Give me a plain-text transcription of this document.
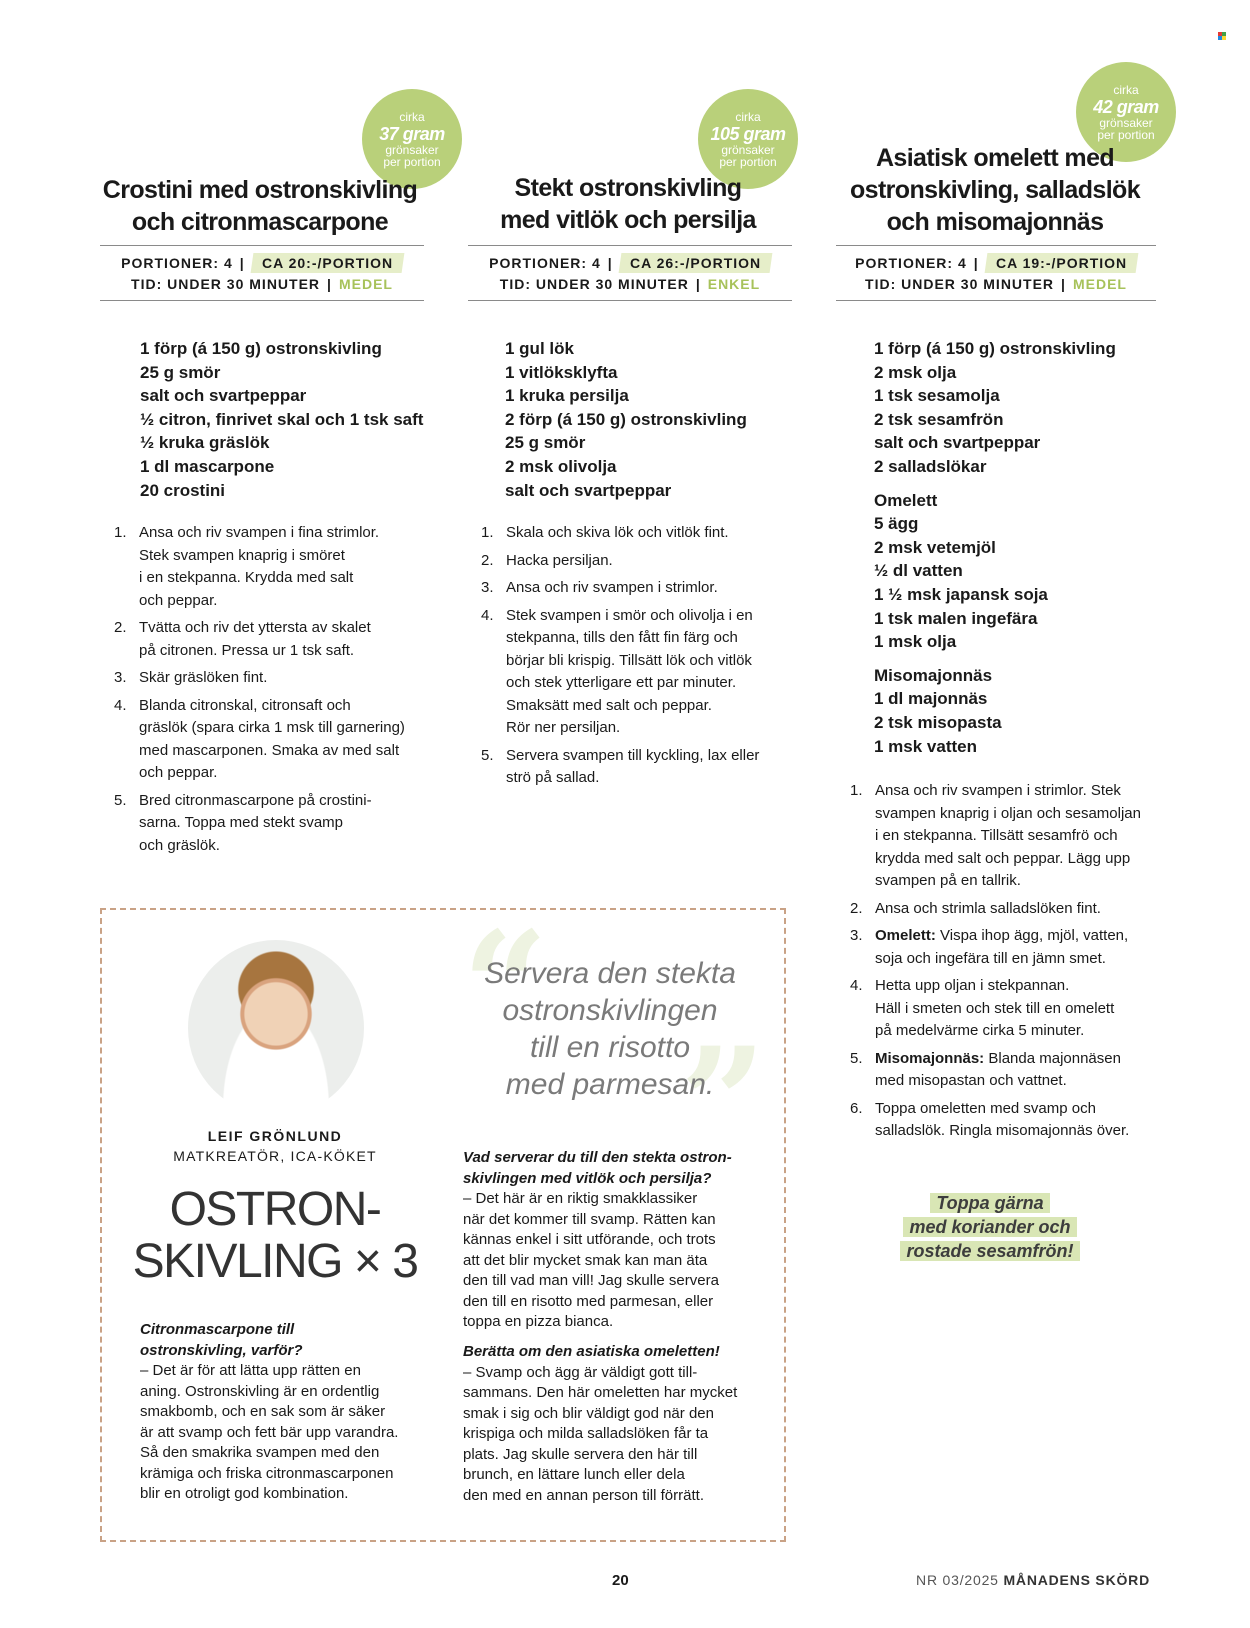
cirka
37 gram
grönsaker
per portion
Crostini med ostronskivling
och citronmascarpone
PORTIONER: 4 | CA 20:-/PORTION
TID: UNDER 30 MINUTER | MEDEL
1 förp (á 150 g) ostronskivling
25 g smör
salt och svartpeppar
½ citron, finrivet skal och 1 tsk saft
½ kruka gräslök
1 dl mascarpone
20 crostini
1. Ansa och riv svampen i fina strimlor.
Stek svampen knaprig i smöret
i en stekpanna. Krydda med salt
och peppar.
2. Tvätta och riv det yttersta av skalet
på citronen. Pressa ur 1 tsk saft.
3. Skär gräslöken fint.
4. Blanda citronskal, citronsaft och
gräslök (spara cirka 1 msk till garnering)
med mascarponen. Smaka av med salt
och peppar.
5. Bred citronmascarpone på crostini-
sarna. Toppa med stekt svamp
och gräslök.
cirka
105 gram
grönsaker
per portion
Stekt ostronskivling
med vitlök och persilja
PORTIONER: 4 | CA 26:-/PORTION
TID: UNDER 30 MINUTER | ENKEL
1 gul lök
1 vitlöksklyfta
1 kruka persilja
2 förp (á 150 g) ostronskivling
25 g smör
2 msk olivolja
salt och svartpeppar
1. Skala och skiva lök och vitlök fint.
2. Hacka persiljan.
3. Ansa och riv svampen i strimlor.
4. Stek svampen i smör och olivolja i en
stekpanna, tills den fått fin färg och
börjar bli krispig. Tillsätt lök och vitlök
och stek ytterligare ett par minuter.
Smaksätt med salt och peppar.
Rör ner persiljan.
5. Servera svampen till kyckling, lax eller
strö på sallad.
cirka
42 gram
grönsaker
per portion
Asiatisk omelett med
ostronskivling, salladslök
och misomajonnäs
PORTIONER: 4 | CA 19:-/PORTION
TID: UNDER 30 MINUTER | MEDEL
1 förp (á 150 g) ostronskivling
2 msk olja
1 tsk sesamolja
2 tsk sesamfrön
salt och svartpeppar
2 salladslökar
Omelett
5 ägg
2 msk vetemjöl
½ dl vatten
1 ½ msk japansk soja
1 tsk malen ingefära
1 msk olja
Misomajonnäs
1 dl majonnäs
2 tsk misopasta
1 msk vatten
1. Ansa och riv svampen i strimlor. Stek
svampen knaprig i oljan och sesamoljan
i en stekpanna. Tillsätt sesamfrö och
krydda med salt och peppar. Lägg upp
svampen på en tallrik.
2. Ansa och strimla salladslöken fint.
3. Omelett: Vispa ihop ägg, mjöl, vatten,
soja och ingefära till en jämn smet.
4. Hetta upp oljan i stekpannan.
Häll i smeten och stek till en omelett
på medelvärme cirka 5 minuter.
5. Misomajonnäs: Blanda majonnäsen
med misopastan och vattnet.
6. Toppa omeletten med svamp och
salladslök. Ringla misomajonnäs över.
Toppa gärna
med koriander och
rostade sesamfrön!
LEIF GRÖNLUND
MATKREATÖR, ICA-KÖKET
OSTRON-
SKIVLING × 3
“
”
Servera den stekta
ostronskivlingen
till en risotto
med parmesan.
Citronmascarpone till
ostronskivling, varför?
– Det är för att lätta upp rätten en
aning. Ostronskivling är en ordentlig
smakbomb, och en sak som är säker
är att svamp och fett bär upp varandra.
Så den smakrika svampen med den
krämiga och friska citronmascarponen
blir en otroligt god kombination.
Vad serverar du till den stekta ostron-
skivlingen med vitlök och persilja?
– Det här är en riktig smakklassiker
när det kommer till svamp. Rätten kan
kännas enkel i sitt utförande, och trots
att det blir mycket smak kan man äta
den till vad man vill! Jag skulle servera
den till en risotto med parmesan, eller
toppa en pizza bianca.
Berätta om den asiatiska omeletten!
– Svamp och ägg är väldigt gott till-
sammans. Den här omeletten har mycket
smak i sig och blir väldigt god när den
krispiga och milda salladslöken får ta
plats. Jag skulle servera den här till
brunch, en lättare lunch eller dela
den med en annan person till förrätt.
20	NR 03/2025 MÅNADENS SKÖRD
